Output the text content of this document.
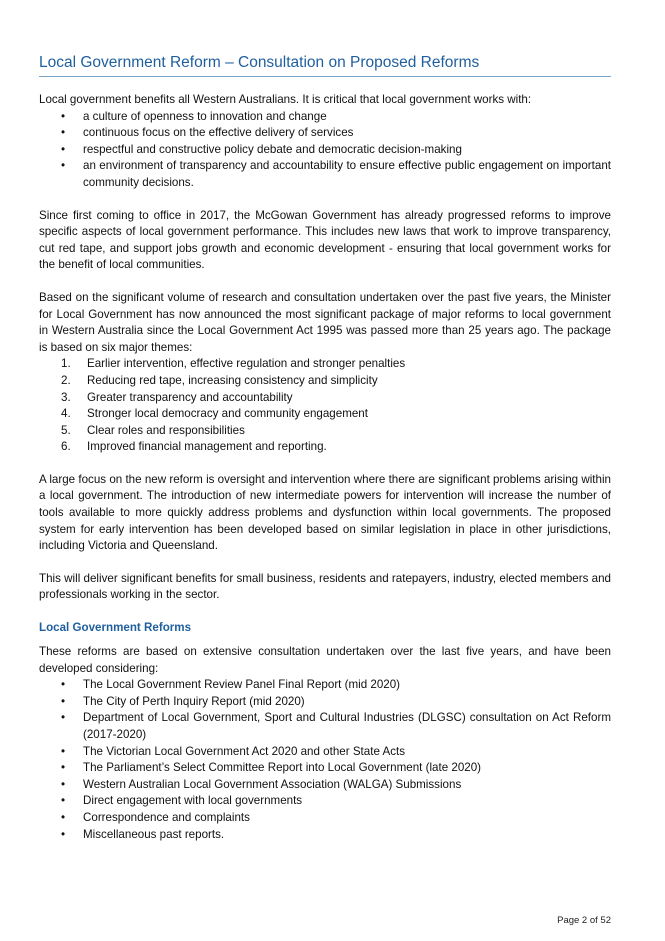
Local Government Reform – Consultation on Proposed Reforms

Local government benefits all Western Australians. It is critical that local government works with:

• a culture of openness to innovation and change
• continuous focus on the effective delivery of services
• respectful and constructive policy debate and democratic decision-making
• an environment of transparency and accountability to ensure effective public engagement on important community decisions.

Since first coming to office in 2017, the McGowan Government has already progressed reforms to improve specific aspects of local government performance. This includes new laws that work to improve transparency, cut red tape, and support jobs growth and economic development - ensuring that local government works for the benefit of local communities.

Based on the significant volume of research and consultation undertaken over the past five years, the Minister for Local Government has now announced the most significant package of major reforms to local government in Western Australia since the Local Government Act 1995 was passed more than 25 years ago. The package is based on six major themes:

1. Earlier intervention, effective regulation and stronger penalties
2. Reducing red tape, increasing consistency and simplicity
3. Greater transparency and accountability
4. Stronger local democracy and community engagement
5. Clear roles and responsibilities
6. Improved financial management and reporting.

A large focus on the new reform is oversight and intervention where there are significant problems arising within a local government. The introduction of new intermediate powers for intervention will increase the number of tools available to more quickly address problems and dysfunction within local governments. The proposed system for early intervention has been developed based on similar legislation in place in other jurisdictions, including Victoria and Queensland.

This will deliver significant benefits for small business, residents and ratepayers, industry, elected members and professionals working in the sector.

Local Government Reforms

These reforms are based on extensive consultation undertaken over the last five years, and have been developed considering:

• The Local Government Review Panel Final Report (mid 2020)
• The City of Perth Inquiry Report (mid 2020)
• Department of Local Government, Sport and Cultural Industries (DLGSC) consultation on Act Reform (2017-2020)
• The Victorian Local Government Act 2020 and other State Acts
• The Parliament’s Select Committee Report into Local Government (late 2020)
• Western Australian Local Government Association (WALGA) Submissions
• Direct engagement with local governments
• Correspondence and complaints
• Miscellaneous past reports.
Page 2 of 52
